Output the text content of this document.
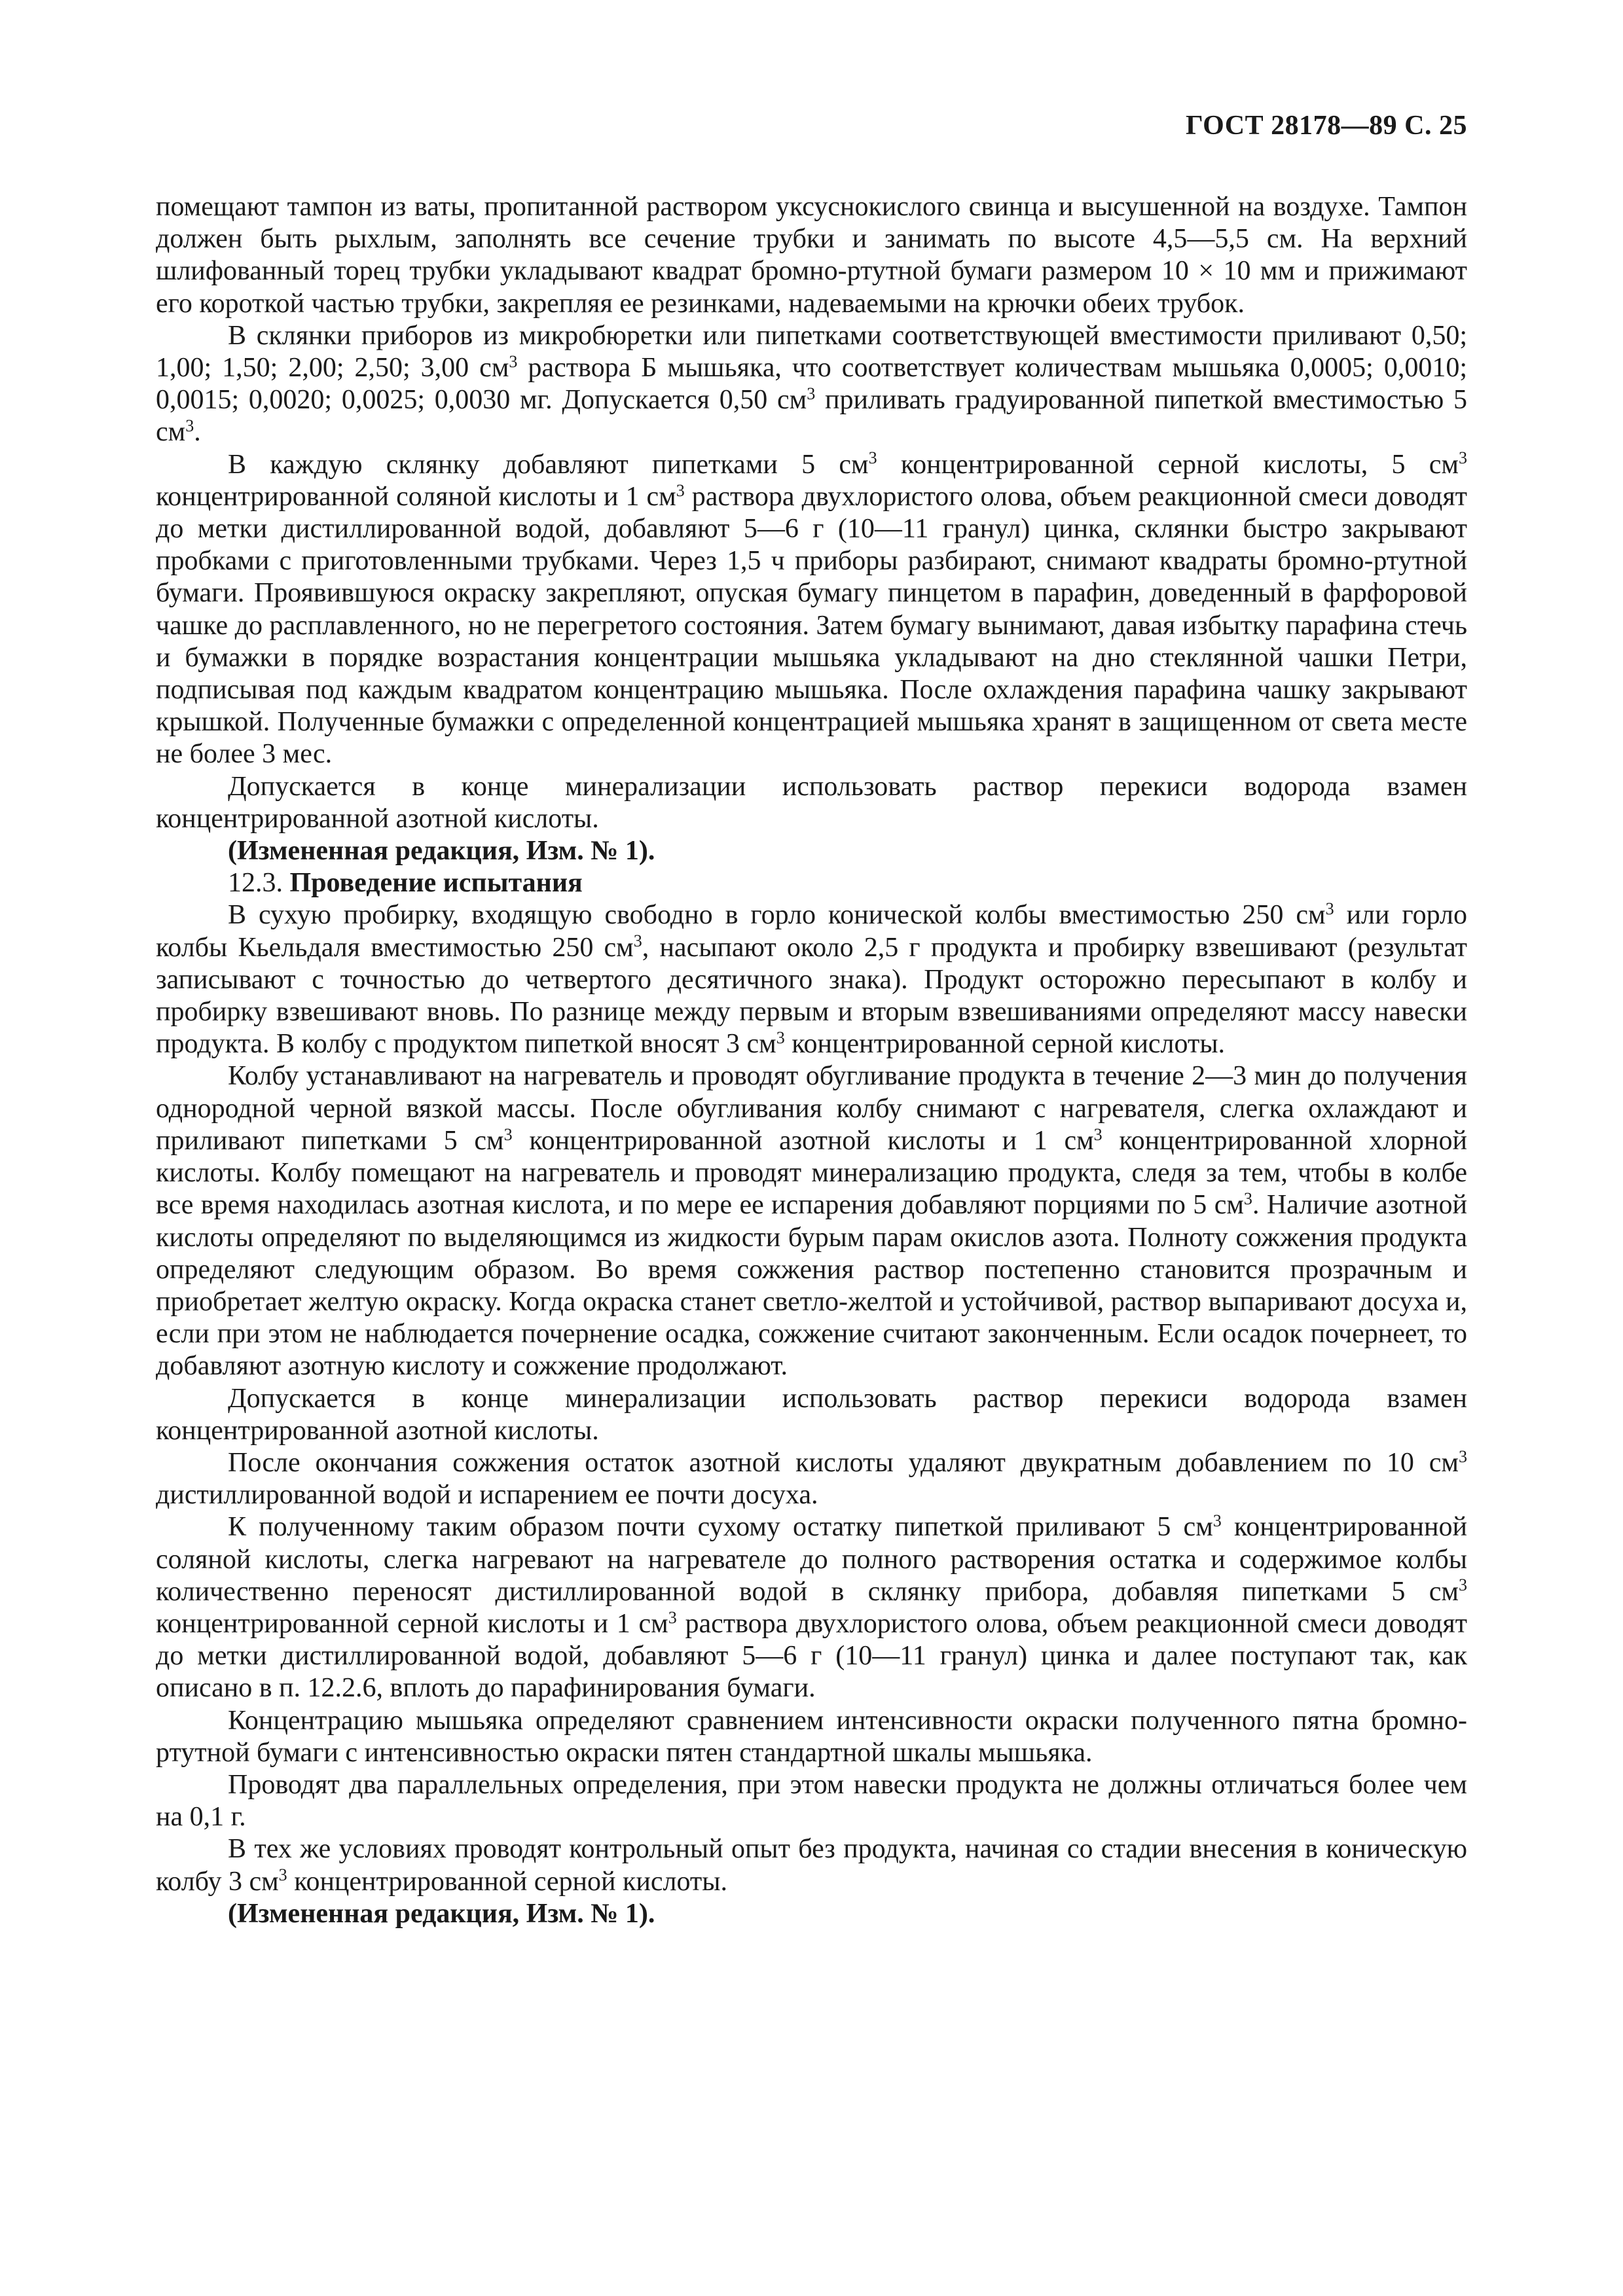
ГОСТ 28178—89 С. 25

помещают тампон из ваты, пропитанной раствором уксуснокислого свинца и высушенной на воздухе. Тампон должен быть рыхлым, заполнять все сечение трубки и занимать по высоте 4,5—5,5 см. На верхний шлифованный торец трубки укладывают квадрат бромно-ртутной бумаги размером 10 × 10 мм и прижимают его короткой частью трубки, закрепляя ее резинками, надеваемыми на крючки обеих трубок.

В склянки приборов из микробюретки или пипетками соответствующей вместимости приливают 0,50; 1,00; 1,50; 2,00; 2,50; 3,00 $см^3$ раствора Б мышьяка, что соответствует количествам мышьяка 0,0005; 0,0010; 0,0015; 0,0020; 0,0025; 0,0030 мг. Допускается 0,50 $см^3$ приливать градуированной пипеткой вместимостью 5 $см^3$.

В каждую склянку добавляют пипетками 5 $см^3$ концентрированной серной кислоты, 5 $см^3$ концентрированной соляной кислоты и 1 $см^3$ раствора двухлористого олова, объем реакционной смеси доводят до метки дистиллированной водой, добавляют 5—6 г (10—11 гранул) цинка, склянки быстро закрывают пробками с приготовленными трубками. Через 1,5 ч приборы разбирают, снимают квадраты бромно-ртутной бумаги. Проявившуюся окраску закрепляют, опуская бумагу пинцетом в парафин, доведенный в фарфоровой чашке до расплавленного, но не перегретого состояния. Затем бумагу вынимают, давая избытку парафина стечь и бумажки в порядке возрастания концентрации мышьяка укладывают на дно стеклянной чашки Петри, подписывая под каждым квадратом концентрацию мышьяка. После охлаждения парафина чашку закрывают крышкой. Полученные бумажки с определенной концентрацией мышьяка хранят в защищенном от света месте не более 3 мес.

Допускается в конце минерализации использовать раствор перекиси водорода взамен концентрированной азотной кислоты.

(Измененная редакция, Изм. № 1).

12.3. Проведение испытания

В сухую пробирку, входящую свободно в горло конической колбы вместимостью 250 $см^3$ или горло колбы Кьельдаля вместимостью 250 $см^3$, насыпают около 2,5 г продукта и пробирку взвешивают (результат записывают с точностью до четвертого десятичного знака). Продукт осторожно пересыпают в колбу и пробирку взвешивают вновь. По разнице между первым и вторым взвешиваниями определяют массу навески продукта. В колбу с продуктом пипеткой вносят 3 $см^3$ концентрированной серной кислоты.

Колбу устанавливают на нагреватель и проводят обугливание продукта в течение 2—3 мин до получения однородной черной вязкой массы. После обугливания колбу снимают с нагревателя, слегка охлаждают и приливают пипетками 5 $см^3$ концентрированной азотной кислоты и 1 $см^3$ концентрированной хлорной кислоты. Колбу помещают на нагреватель и проводят минерализацию продукта, следя за тем, чтобы в колбе все время находилась азотная кислота, и по мере ее испарения добавляют порциями по 5 $см^3$. Наличие азотной кислоты определяют по выделяющимся из жидкости бурым парам окислов азота. Полноту сожжения продукта определяют следующим образом. Во время сожжения раствор постепенно становится прозрачным и приобретает желтую окраску. Когда окраска станет светло-желтой и устойчивой, раствор выпаривают досуха и, если при этом не наблюдается почернение осадка, сожжение считают законченным. Если осадок почернеет, то добавляют азотную кислоту и сожжение продолжают.

Допускается в конце минерализации использовать раствор перекиси водорода взамен концентрированной азотной кислоты.

После окончания сожжения остаток азотной кислоты удаляют двукратным добавлением по 10 $см^3$ дистиллированной водой и испарением ее почти досуха.

К полученному таким образом почти сухому остатку пипеткой приливают 5 $см^3$ концентрированной соляной кислоты, слегка нагревают на нагревателе до полного растворения остатка и содержимое колбы количественно переносят дистиллированной водой в склянку прибора, добавляя пипетками 5 $см^3$ концентрированной серной кислоты и 1 $см^3$ раствора двухлористого олова, объем реакционной смеси доводят до метки дистиллированной водой, добавляют 5—6 г (10—11 гранул) цинка и далее поступают так, как описано в п. 12.2.6, вплоть до парафинирования бумаги.

Концентрацию мышьяка определяют сравнением интенсивности окраски полученного пятна бромно-ртутной бумаги с интенсивностью окраски пятен стандартной шкалы мышьяка.

Проводят два параллельных определения, при этом навески продукта не должны отличаться более чем на 0,1 г.

В тех же условиях проводят контрольный опыт без продукта, начиная со стадии внесения в коническую колбу 3 $см^3$ концентрированной серной кислоты.

(Измененная редакция, Изм. № 1).
